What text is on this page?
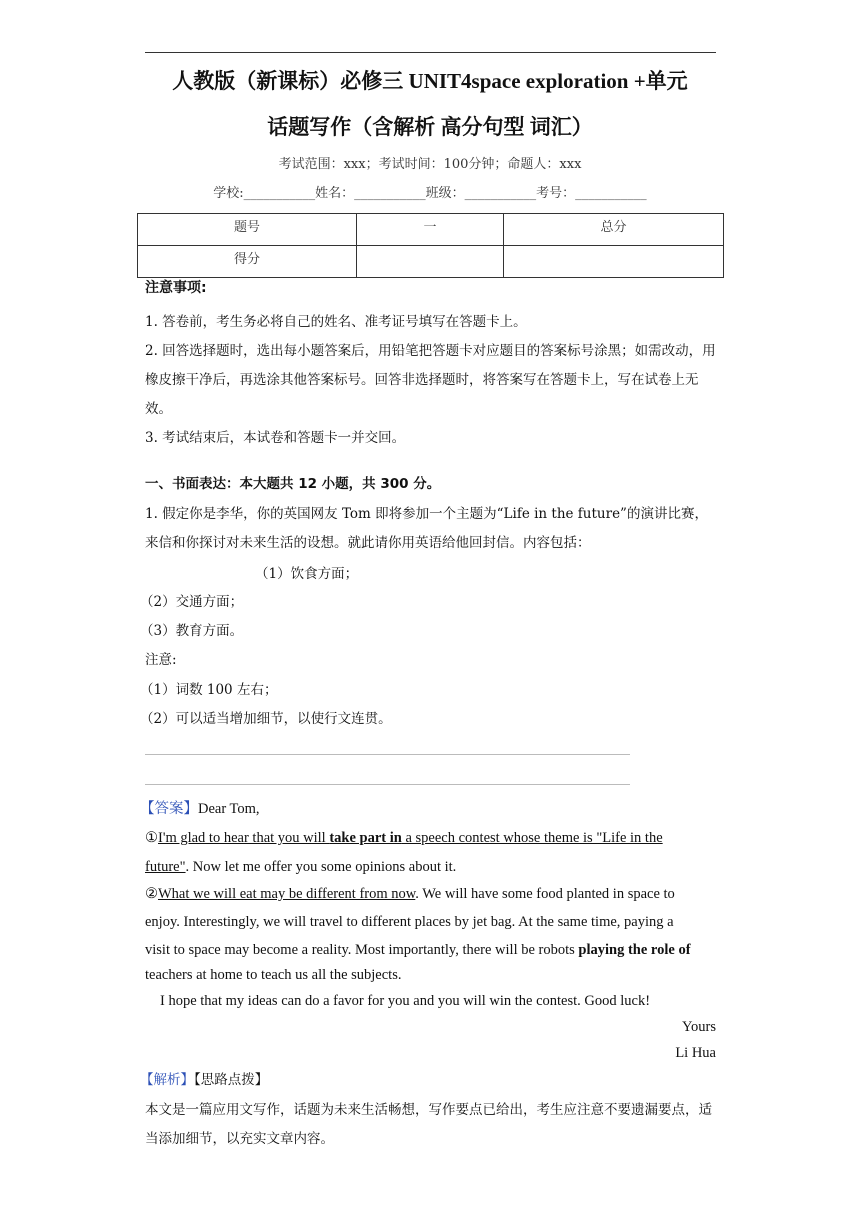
人教版（新课标）必修三 UNIT4space exploration +单元
话题写作（含解析 高分句型 词汇）
考试范围：xxx；考试时间：100分钟；命题人：xxx
学校:___________姓名：___________班级：___________考号：___________
题号	一	总分
得分		
注意事项:
1. 答卷前，考生务必将自己的姓名、准考证号填写在答题卡上。
2. 回答选择题时，选出每小题答案后，用铅笔把答题卡对应题目的答案标号涂黑；如需改动，用橡皮擦干净后，再选涂其他答案标号。回答非选择题时，将答案写在答题卡上，写在试卷上无效。
3. 考试结束后，本试卷和答题卡一并交回。
一、书面表达：本大题共 12 小题，共 300 分。
1. 假定你是李华，你的英国网友 Tom 即将参加一个主题为“Life in the future”的演讲比赛，来信和你探讨对未来生活的设想。就此请你用英语给他回封信。内容包括：
（1）饮食方面；
（2）交通方面；
（3）教育方面。
注意:
（1）词数 100 左右；
（2）可以适当增加细节，以使行文连贯。
【答案】Dear Tom,
①I'm glad to hear that you will take part in a speech contest whose theme is "Life in the
future". Now let me offer you some opinions about it.
②What we will eat may be different from now. We will have some food planted in space to
enjoy. Interestingly, we will travel to different places by jet bag. At the same time, paying a
visit to space may become a reality. Most importantly, there will be robots playing the role of
teachers at home to teach us all the subjects.
I hope that my ideas can do a favor for you and you will win the contest. Good luck!
Yours
Li Hua
【解析】【思路点拨】
本文是一篇应用文写作，话题为未来生活畅想，写作要点已给出，考生应注意不要遗漏要点，适当添加细节，以充实文章内容。
